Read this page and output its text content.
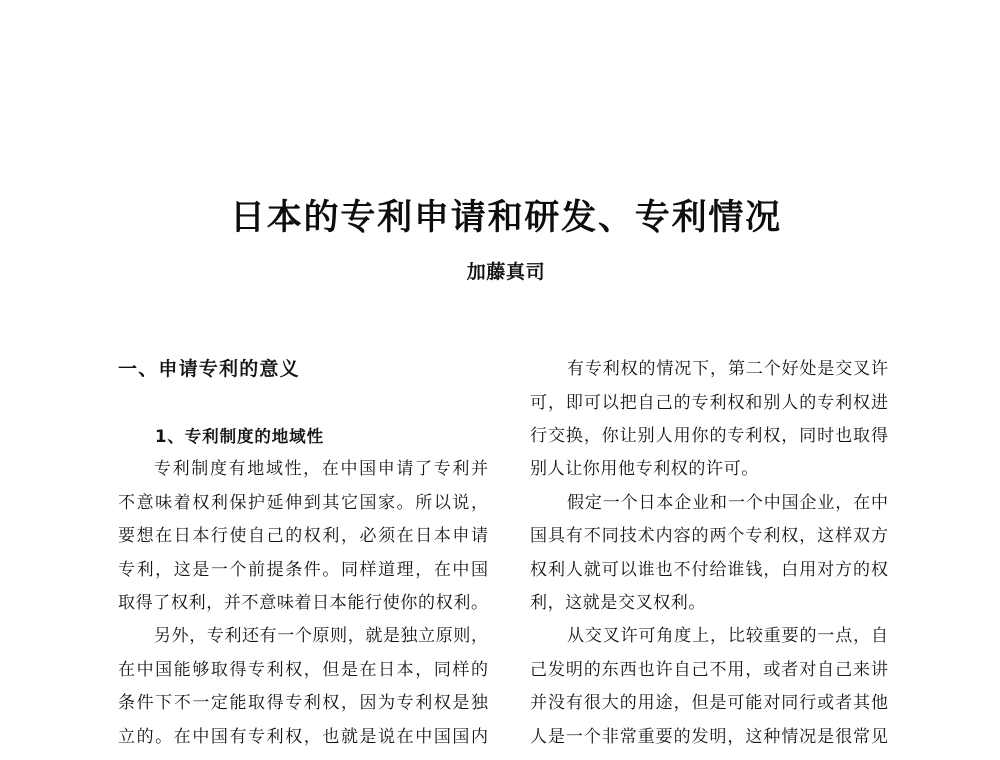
日本的专利申请和研发、专利情况
加藤真司
一、申请专利的意义
1、专利制度的地域性
专利制度有地域性，在中国申请了专利并
不意味着权利保护延伸到其它国家。所以说，
要想在日本行使自己的权利，必须在日本申请
专利，这是一个前提条件。同样道理，在中国
取得了权利，并不意味着日本能行使你的权利。
另外，专利还有一个原则，就是独立原则，
在中国能够取得专利权，但是在日本，同样的
条件下不一定能取得专利权，因为专利权是独
立的。在中国有专利权，也就是说在中国国内
有专利权的情况下，第二个好处是交叉许
可，即可以把自己的专利权和别人的专利权进
行交换，你让别人用你的专利权，同时也取得
别人让你用他专利权的许可。
假定一个日本企业和一个中国企业，在中
国具有不同技术内容的两个专利权，这样双方
权利人就可以谁也不付给谁钱，白用对方的权
利，这就是交叉权利。
从交叉许可角度上，比较重要的一点，自
己发明的东西也许自己不用，或者对自己来讲
并没有很大的用途，但是可能对同行或者其他
人是一个非常重要的发明，这种情况是很常见
